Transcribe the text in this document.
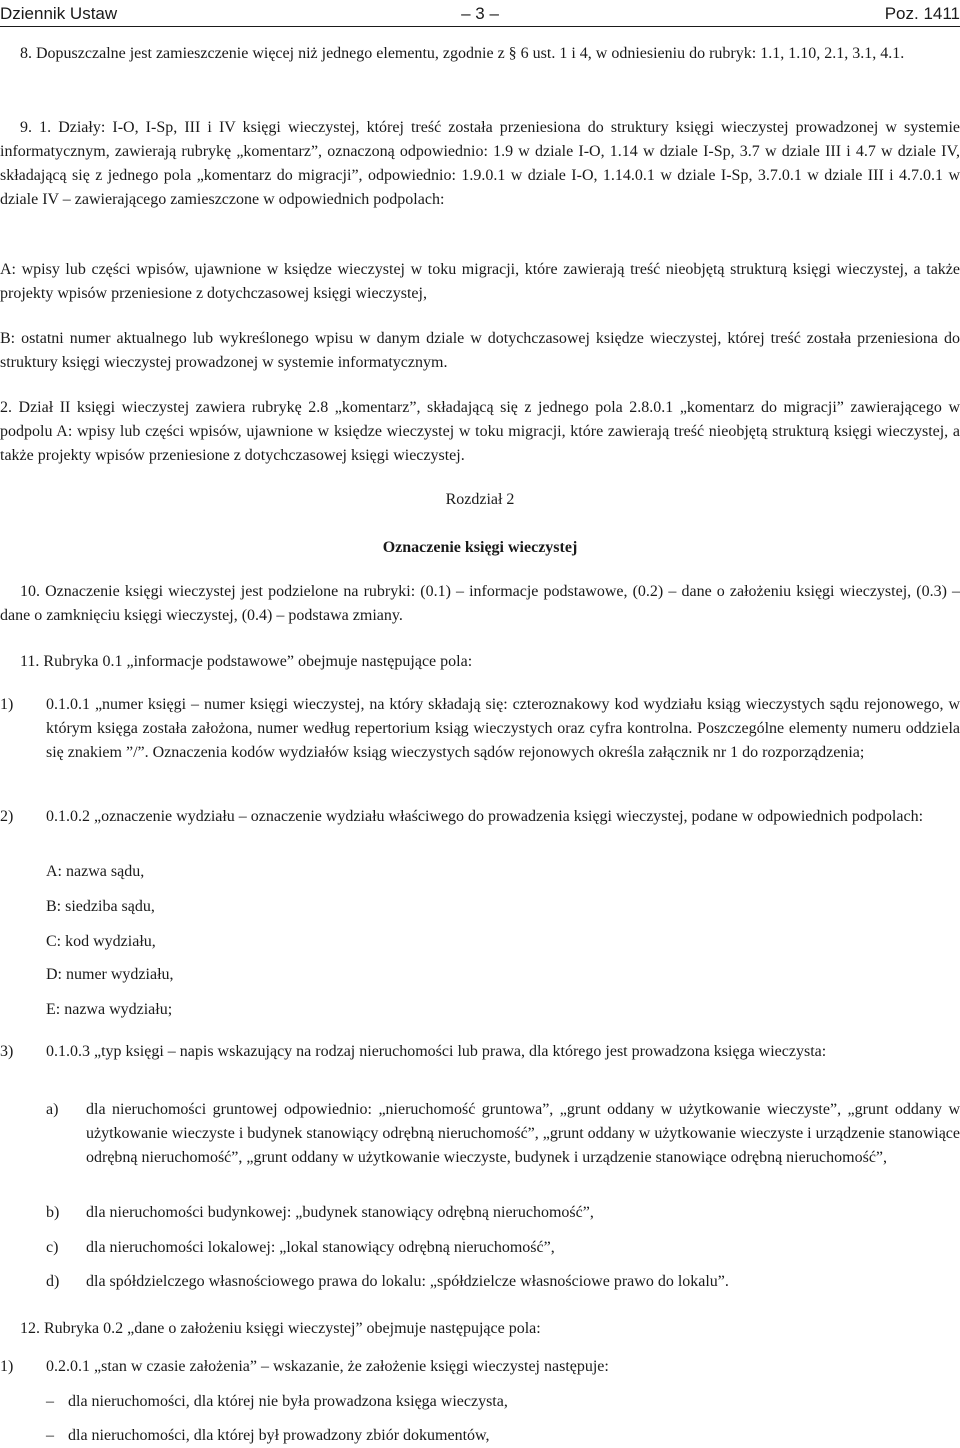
Dziennik Ustaw	– 3 –	Poz. 1411

8. Dopuszczalne jest zamieszczenie więcej niż jednego elementu, zgodnie z § 6 ust. 1 i 4, w odniesieniu do rubryk: 1.1, 1.10, 2.1, 3.1, 4.1.

9. 1. Działy: I-O, I-Sp, III i IV księgi wieczystej, której treść została przeniesiona do struktury księgi wieczystej prowadzonej w systemie informatycznym, zawierają rubrykę „komentarz”, oznaczoną odpowiednio: 1.9 w dziale I-O, 1.14 w dziale I-Sp, 3.7 w dziale III i 4.7 w dziale IV, składającą się z jednego pola „komentarz do migracji”, odpowiednio: 1.9.0.1 w dziale I-O, 1.14.0.1 w dziale I-Sp, 3.7.0.1 w dziale III i 4.7.0.1 w dziale IV – zawierającego zamieszczone w odpowiednich podpolach:

A: wpisy lub części wpisów, ujawnione w księdze wieczystej w toku migracji, które zawierają treść nieobjętą strukturą księgi wieczystej, a także projekty wpisów przeniesione z dotychczasowej księgi wieczystej,

B: ostatni numer aktualnego lub wykreślonego wpisu w danym dziale w dotychczasowej księdze wieczystej, której treść została przeniesiona do struktury księgi wieczystej prowadzonej w systemie informatycznym.

2. Dział II księgi wieczystej zawiera rubrykę 2.8 „komentarz”, składającą się z jednego pola 2.8.0.1 „komentarz do migracji” zawierającego w podpolu A: wpisy lub części wpisów, ujawnione w księdze wieczystej w toku migracji, które zawierają treść nieobjętą strukturą księgi wieczystej, a także projekty wpisów przeniesione z dotychczasowej księgi wieczystej.

Rozdział 2

Oznaczenie księgi wieczystej

10. Oznaczenie księgi wieczystej jest podzielone na rubryki: (0.1) – informacje podstawowe, (0.2) – dane o założeniu księgi wieczystej, (0.3) – dane o zamknięciu księgi wieczystej, (0.4) – podstawa zmiany.

11. Rubryka 0.1 „informacje podstawowe” obejmuje następujące pola:

1) 0.1.0.1 „numer księgi – numer księgi wieczystej, na który składają się: czteroznakowy kod wydziału ksiąg wieczystych sądu rejonowego, w którym księga została założona, numer według repertorium ksiąg wieczystych oraz cyfra kontrolna. Poszczególne elementy numeru oddziela się znakiem ”/”. Oznaczenia kodów wydziałów ksiąg wieczystych sądów rejonowych określa załącznik nr 1 do rozporządzenia;

2) 0.1.0.2 „oznaczenie wydziału – oznaczenie wydziału właściwego do prowadzenia księgi wieczystej, podane w odpowiednich podpolach:

A: nazwa sądu,

B: siedziba sądu,

C: kod wydziału,

D: numer wydziału,

E: nazwa wydziału;

3) 0.1.0.3 „typ księgi – napis wskazujący na rodzaj nieruchomości lub prawa, dla którego jest prowadzona księga wieczysta:

a) dla nieruchomości gruntowej odpowiednio: „nieruchomość gruntowa”, „grunt oddany w użytkowanie wieczyste”, „grunt oddany w użytkowanie wieczyste i budynek stanowiący odrębną nieruchomość”, „grunt oddany w użytkowanie wieczyste i urządzenie stanowiące odrębną nieruchomość”, „grunt oddany w użytkowanie wieczyste, budynek i urządzenie stanowiące odrębną nieruchomość”,

b) dla nieruchomości budynkowej: „budynek stanowiący odrębną nieruchomość”,

c) dla nieruchomości lokalowej: „lokal stanowiący odrębną nieruchomość”,

d) dla spółdzielczego własnościowego prawa do lokalu: „spółdzielcze własnościowe prawo do lokalu”.

12. Rubryka 0.2 „dane o założeniu księgi wieczystej” obejmuje następujące pola:

1) 0.2.0.1 „stan w czasie założenia” – wskazanie, że założenie księgi wieczystej następuje:

– dla nieruchomości, dla której nie była prowadzona księga wieczysta,

– dla nieruchomości, dla której był prowadzony zbiór dokumentów,
